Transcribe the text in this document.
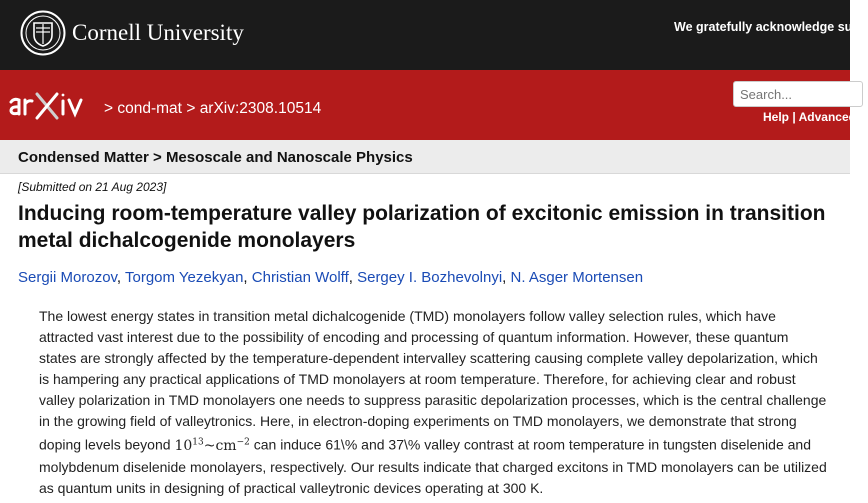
Cornell University	We gratefully acknowledge supp
> cond-mat > arXiv:2308.10514
Search...	Help | Advanced
Condensed Matter > Mesoscale and Nanoscale Physics
[Submitted on 21 Aug 2023]
Inducing room-temperature valley polarization of excitonic emission in transition metal dichalcogenide monolayers
Sergii Morozov, Torgom Yezekyan, Christian Wolff, Sergey I. Bozhevolnyi, N. Asger Mortensen
The lowest energy states in transition metal dichalcogenide (TMD) monolayers follow valley selection rules, which have attracted vast interest due to the possibility of encoding and processing of quantum information. However, these quantum states are strongly affected by the temperature-dependent intervalley scattering causing complete valley depolarization, which is hampering any practical applications of TMD monolayers at room temperature. Therefore, for achieving clear and robust valley polarization in TMD monolayers one needs to suppress parasitic depolarization processes, which is the central challenge in the growing field of valleytronics. Here, in electron-doping experiments on TMD monolayers, we demonstrate that strong doping levels beyond $10^{13}\sim cm^{-2}$ can induce 61\% and 37\% valley contrast at room temperature in tungsten diselenide and molybdenum diselenide monolayers, respectively. Our results indicate that charged excitons in TMD monolayers can be utilized as quantum units in designing of practical valleytronic devices operating at 300 K.
